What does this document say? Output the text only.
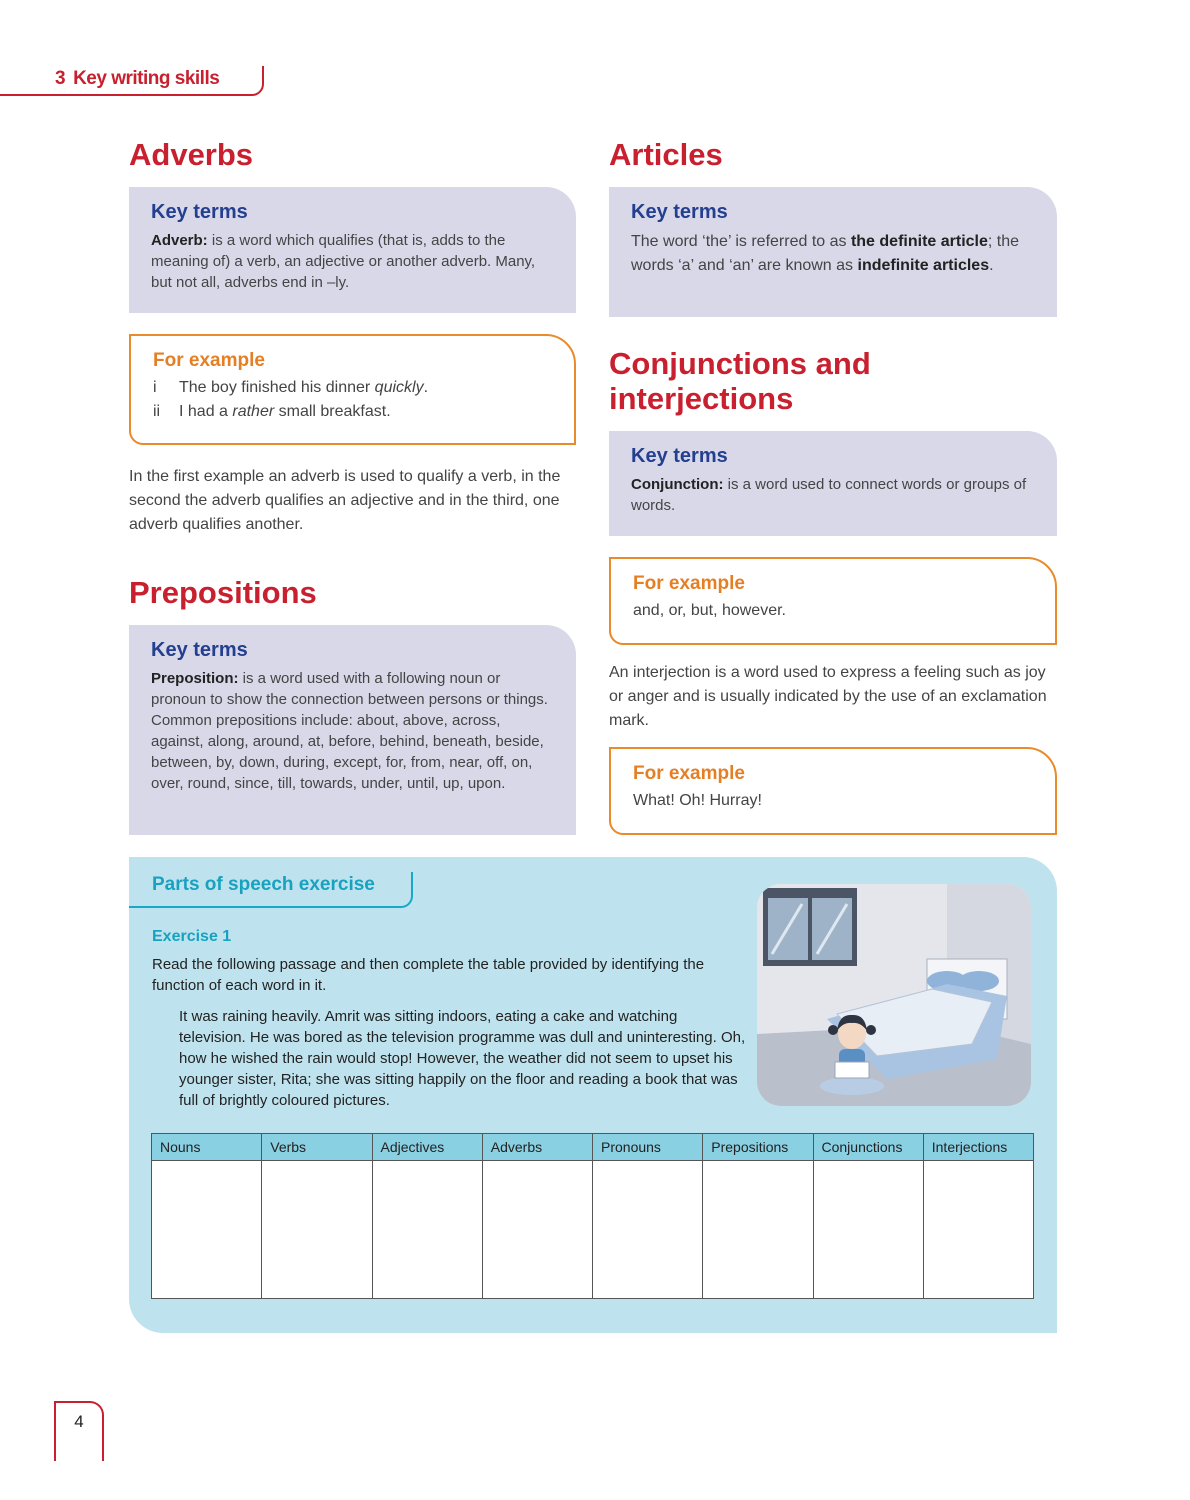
3 Key writing skills
Adverbs
Key terms
Adverb: is a word which qualifies (that is, adds to the meaning of) a verb, an adjective or another adverb. Many, but not all, adverbs end in –ly.
For example
i The boy finished his dinner quickly.
ii I had a rather small breakfast.

In the first example an adverb is used to qualify a verb, in the second the adverb qualifies an adjective and in the third, one adverb qualifies another.

Prepositions
Key terms
Preposition: is a word used with a following noun or pronoun to show the connection between persons or things. Common prepositions include: about, above, across, against, along, around, at, before, behind, beneath, beside, between, by, down, during, except, for, from, near, off, on, over, round, since, till, towards, under, until, up, upon.
Articles
Key terms
The word ‘the’ is referred to as the definite article; the words ‘a’ and ‘an’ are known as indefinite articles.
Conjunctions and interjections
Key terms
Conjunction: is a word used to connect words or groups of words.
For example
and, or, but, however.

An interjection is a word used to express a feeling such as joy or anger and is usually indicated by the use of an exclamation mark.

For example
What! Oh! Hurray!
Parts of speech exercise
Exercise 1
Read the following passage and then complete the table provided by identifying the function of each word in it.
It was raining heavily. Amrit was sitting indoors, eating a cake and watching television. He was bored as the television programme was dull and uninteresting. Oh, how he wished the rain would stop! However, the weather did not seem to upset his younger sister, Rita; she was sitting happily on the floor and reading a book that was full of brightly coloured pictures.
Nouns	Verbs	Adjectives	Adverbs	Pronouns	Prepositions	Conjunctions	Interjections

4
